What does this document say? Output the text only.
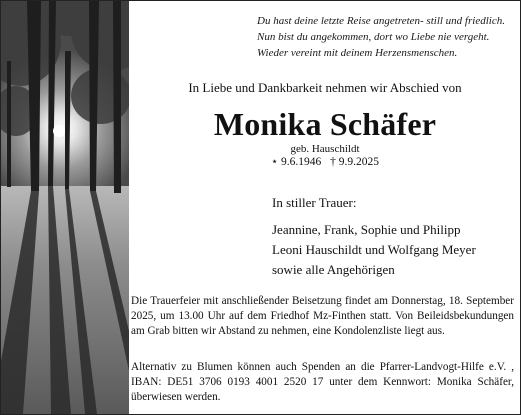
Du hast deine letzte Reise angetreten- still und friedlich.
Nun bist du angekommen, dort wo Liebe nie vergeht.
Wieder vereint mit deinem Herzensmenschen.
In Liebe und Dankbarkeit nehmen wir Abschied von
Monika Schäfer
geb. Hauschildt
⋆ 9.6.1946 † 9.9.2025
In stiller Trauer:
Jeannine, Frank, Sophie und Philipp
Leoni Hauschildt und Wolfgang Meyer
sowie alle Angehörigen
Die Trauerfeier mit anschließender Beisetzung findet am Donnerstag, 18. September 2025, um 13.00 Uhr auf dem Friedhof Mz-Finthen statt. Von Beileidsbekundungen am Grab bitten wir Abstand zu nehmen, eine Kondolenzliste liegt aus.
Alternativ zu Blumen können auch Spenden an die Pfarrer-Landvogt-Hilfe e.V. , IBAN: DE51 3706 0193 4001 2520 17 unter dem Kennwort: Monika Schäfer, überwiesen werden.
